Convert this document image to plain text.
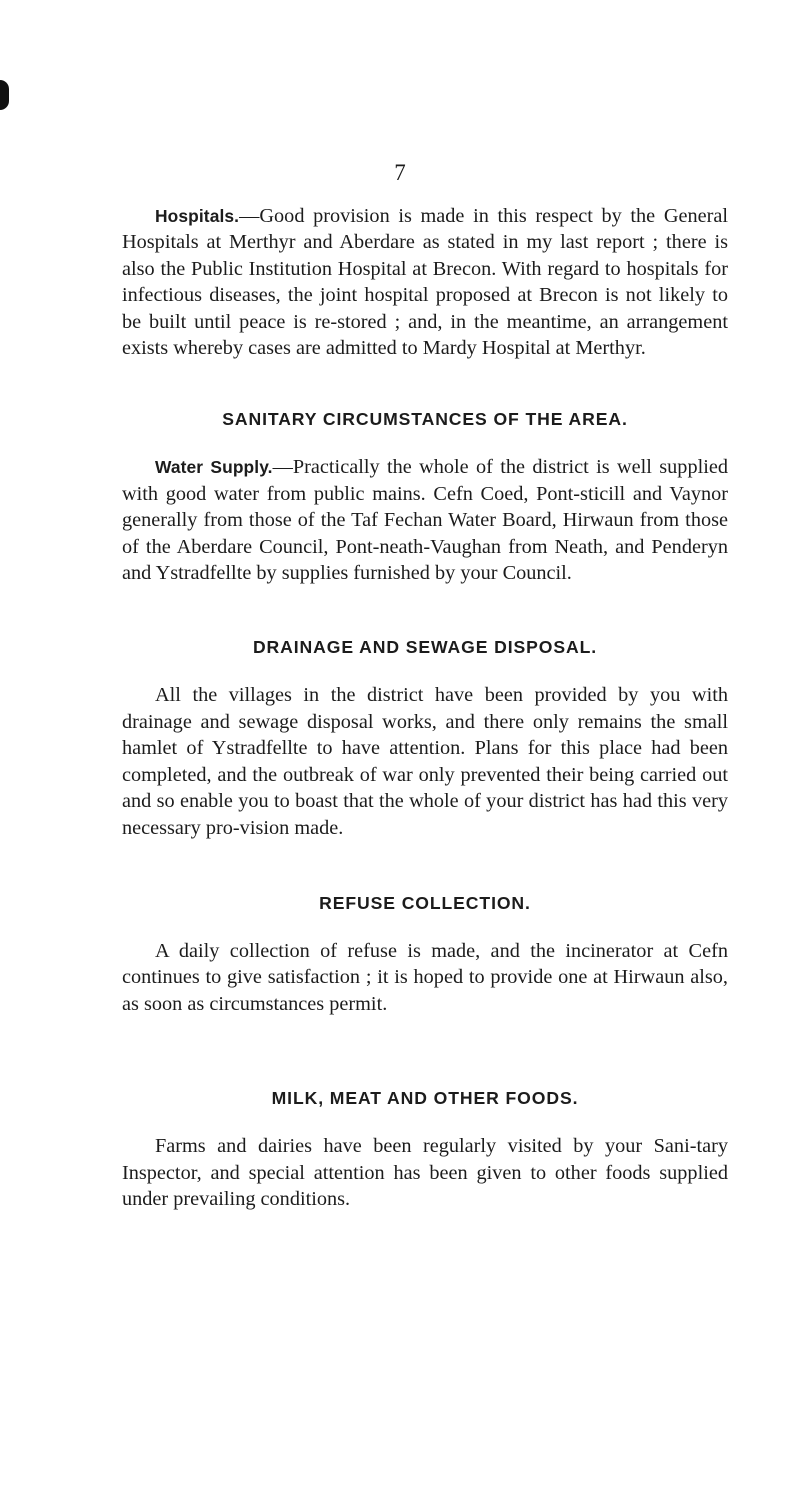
7

Hospitals.—Good provision is made in this respect by the General Hospitals at Merthyr and Aberdare as stated in my last report ; there is also the Public Institution Hospital at Brecon. With regard to hospitals for infectious diseases, the joint hospital proposed at Brecon is not likely to be built until peace is re-stored ; and, in the meantime, an arrangement exists whereby cases are admitted to Mardy Hospital at Merthyr.

SANITARY CIRCUMSTANCES OF THE AREA.

Water Supply.—Practically the whole of the district is well supplied with good water from public mains. Cefn Coed, Pont-sticill and Vaynor generally from those of the Taf Fechan Water Board, Hirwaun from those of the Aberdare Council, Pont-neath-Vaughan from Neath, and Penderyn and Ystradfellte by supplies furnished by your Council.

DRAINAGE AND SEWAGE DISPOSAL.

All the villages in the district have been provided by you with drainage and sewage disposal works, and there only remains the small hamlet of Ystradfellte to have attention. Plans for this place had been completed, and the outbreak of war only prevented their being carried out and so enable you to boast that the whole of your district has had this very necessary pro-vision made.

REFUSE COLLECTION.

A daily collection of refuse is made, and the incinerator at Cefn continues to give satisfaction ; it is hoped to provide one at Hirwaun also, as soon as circumstances permit.

MILK, MEAT AND OTHER FOODS.

Farms and dairies have been regularly visited by your Sani-tary Inspector, and special attention has been given to other foods supplied under prevailing conditions.
